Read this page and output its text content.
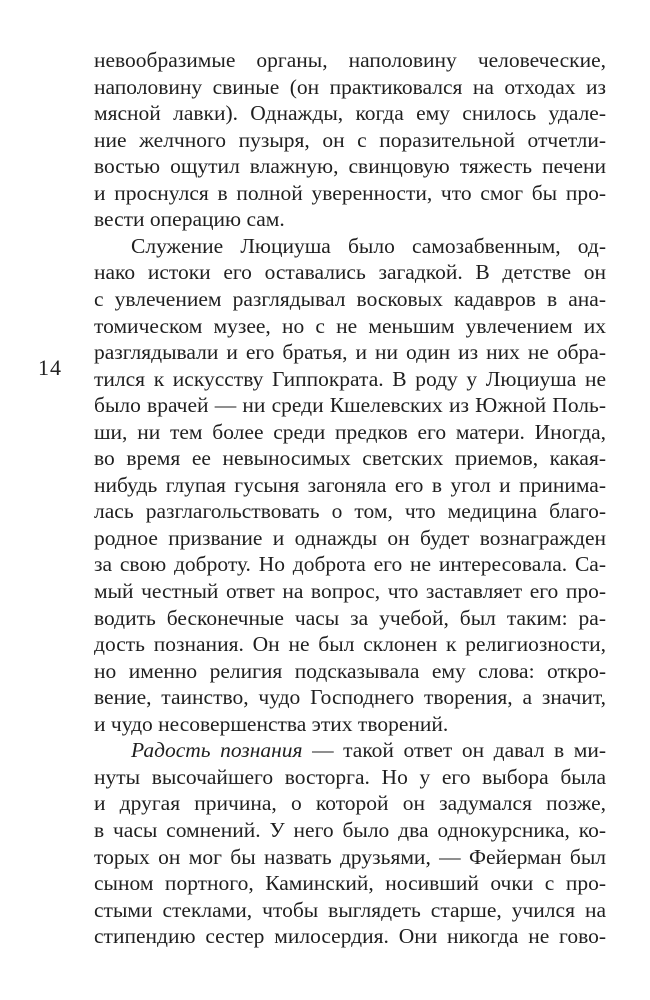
14
невообразимые органы, наполовину человеческие,
наполовину свиные (он практиковался на отходах из
мясной лавки). Однажды, когда ему снилось удале-
ние желчного пузыря, он с поразительной отчетли-
востью ощутил влажную, свинцовую тяжесть печени
и проснулся в полной уверенности, что смог бы про-
вести операцию сам.
Служение Люциуша было самозабвенным, од-
нако истоки его оставались загадкой. В детстве он
с увлечением разглядывал восковых кадавров в ана-
томическом музее, но с не меньшим увлечением их
разглядывали и его братья, и ни один из них не обра-
тился к искусству Гиппократа. В роду у Люциуша не
было врачей — ни среди Кшелевских из Южной Поль-
ши, ни тем более среди предков его матери. Иногда,
во время ее невыносимых светских приемов, какая-
нибудь глупая гусыня загоняла его в угол и принима-
лась разглагольствовать о том, что медицина благо-
родное призвание и однажды он будет вознагражден
за свою доброту. Но доброта его не интересовала. Са-
мый честный ответ на вопрос, что заставляет его про-
водить бесконечные часы за учебой, был таким: ра-
дость познания. Он не был склонен к религиозности,
но именно религия подсказывала ему слова: откро-
вение, таинство, чудо Господнего творения, а значит,
и чудо несовершенства этих творений.
Радость познания — такой ответ он давал в ми-
нуты высочайшего восторга. Но у его выбора была
и другая причина, о которой он задумался позже,
в часы сомнений. У него было два однокурсника, ко-
торых он мог бы назвать друзьями, — Фейерман был
сыном портного, Каминский, носивший очки с про-
стыми стеклами, чтобы выглядеть старше, учился на
стипендию сестер милосердия. Они никогда не гово-
